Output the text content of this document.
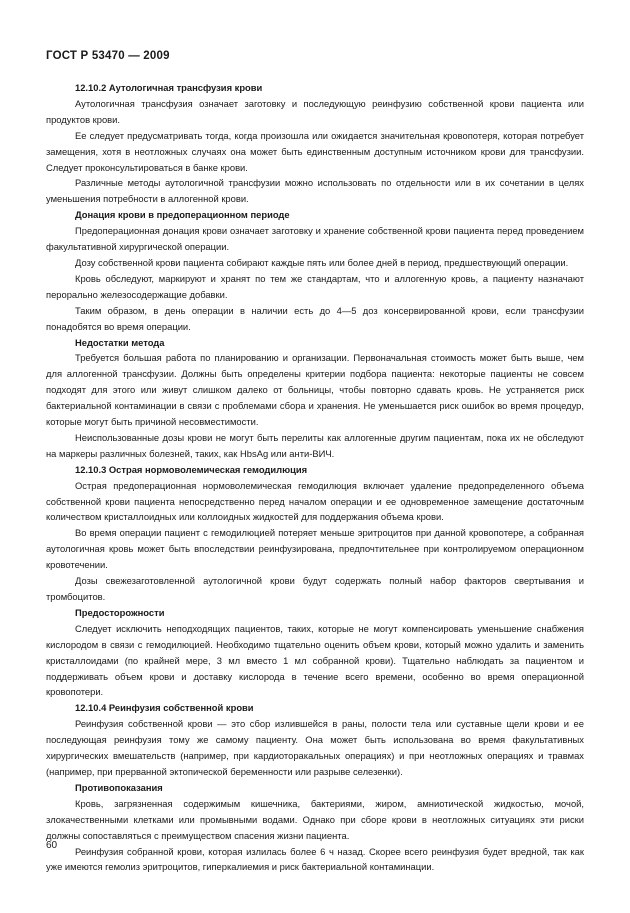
ГОСТ Р 53470 — 2009

12.10.2 Аутологичная трансфузия крови

Аутологичная трансфузия означает заготовку и последующую реинфузию собственной крови пациента или продуктов крови.

Ее следует предусматривать тогда, когда произошла или ожидается значительная кровопотеря, которая потребует замещения, хотя в неотложных случаях она может быть единственным доступным источником крови для трансфузии. Следует проконсультироваться в банке крови.

Различные методы аутологичной трансфузии можно использовать по отдельности или в их сочетании в целях уменьшения потребности в аллогенной крови.

Донация крови в предоперационном периоде

Предоперационная донация крови означает заготовку и хранение собственной крови пациента перед проведением факультативной хирургической операции.

Дозу собственной крови пациента собирают каждые пять или более дней в период, предшествующий операции.

Кровь обследуют, маркируют и хранят по тем же стандартам, что и аллогенную кровь, а пациенту назначают перорально железосодержащие добавки.

Таким образом, в день операции в наличии есть до 4—5 доз консервированной крови, если трансфузии понадобятся во время операции.

Недостатки метода

Требуется большая работа по планированию и организации. Первоначальная стоимость может быть выше, чем для аллогенной трансфузии. Должны быть определены критерии подбора пациента: некоторые пациенты не совсем подходят для этого или живут слишком далеко от больницы, чтобы повторно сдавать кровь. Не устраняется риск бактериальной контаминации в связи с проблемами сбора и хранения. Не уменьшается риск ошибок во время процедур, которые могут быть причиной несовместимости.

Неиспользованные дозы крови не могут быть перелиты как аллогенные другим пациентам, пока их не обследуют на маркеры различных болезней, таких, как HbsAg или анти-ВИЧ.

12.10.3 Острая нормоволемическая гемодилюция

Острая предоперационная нормоволемическая гемодилюция включает удаление предопределенного объема собственной крови пациента непосредственно перед началом операции и ее одновременное замещение достаточным количеством кристаллоидных или коллоидных жидкостей для поддержания объема крови.

Во время операции пациент с гемодилюцией потеряет меньше эритроцитов при данной кровопотере, а собранная аутологичная кровь может быть впоследствии реинфузирована, предпочтительнее при контролируемом операционном кровотечении.

Дозы свежезаготовленной аутологичной крови будут содержать полный набор факторов свертывания и тромбоцитов.

Предосторожности

Следует исключить неподходящих пациентов, таких, которые не могут компенсировать уменьшение снабжения кислородом в связи с гемодилюцией. Необходимо тщательно оценить объем крови, который можно удалить и заменить кристаллоидами (по крайней мере, 3 мл вместо 1 мл собранной крови). Тщательно наблюдать за пациентом и поддерживать объем крови и доставку кислорода в течение всего времени, особенно во время операционной кровопотери.

12.10.4 Реинфузия собственной крови

Реинфузия собственной крови — это сбор излившейся в раны, полости тела или суставные щели крови и ее последующая реинфузия тому же самому пациенту. Она может быть использована во время факультативных хирургических вмешательств (например, при кардиоторакальных операциях) и при неотложных операциях и травмах (например, при прерванной эктопической беременности или разрыве селезенки).

Противопоказания

Кровь, загрязненная содержимым кишечника, бактериями, жиром, амниотической жидкостью, мочой, злокачественными клетками или промывными водами. Однако при сборе крови в неотложных ситуациях эти риски должны сопоставляться с преимуществом спасения жизни пациента.

Реинфузия собранной крови, которая излилась более 6 ч назад. Скорее всего реинфузия будет вредной, так как уже имеются гемолиз эритроцитов, гиперкалиемия и риск бактериальной контаминации.

60
